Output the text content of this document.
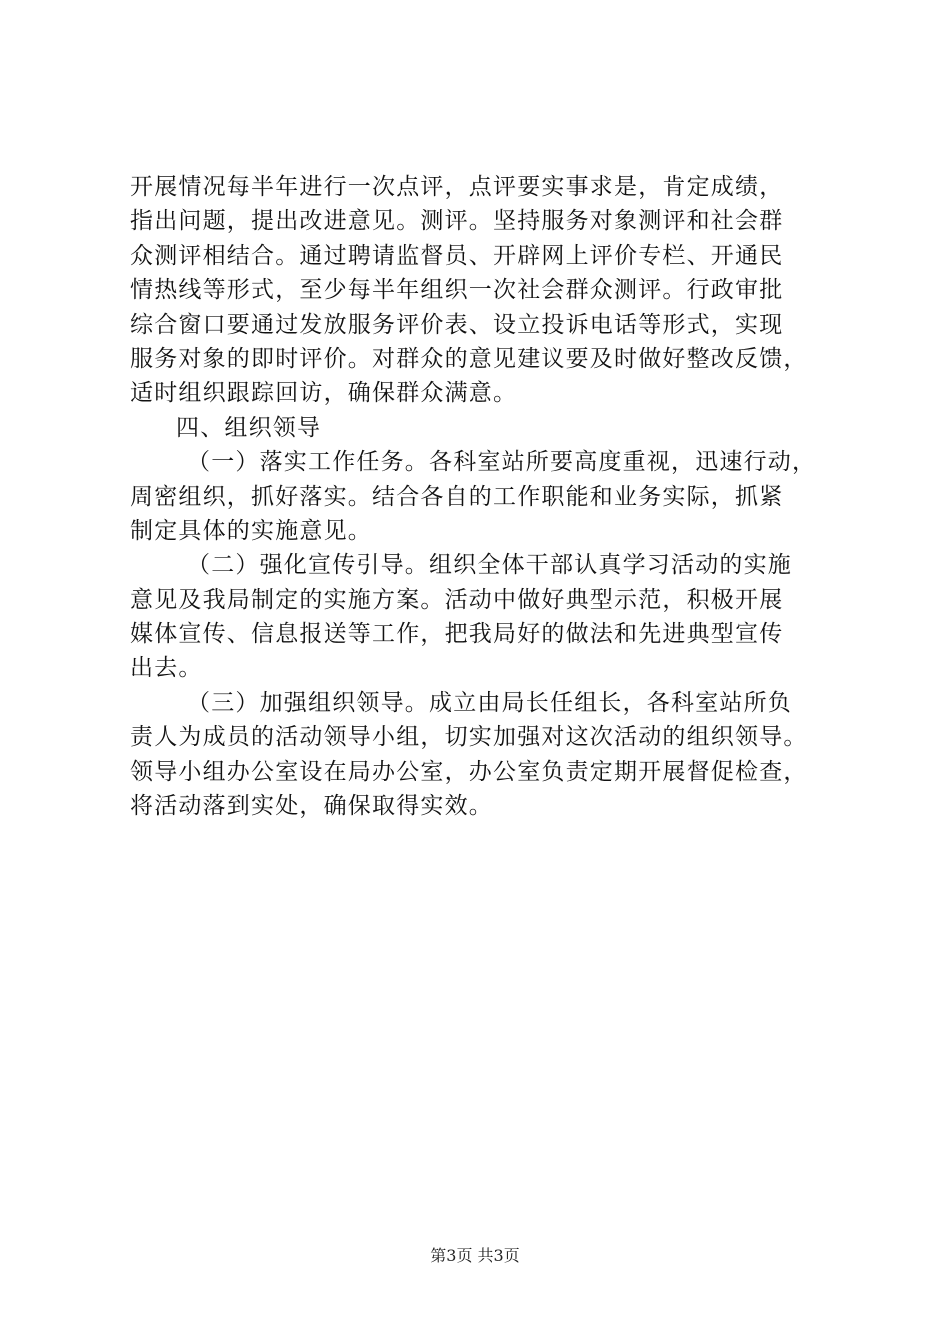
开展情况每半年进行一次点评，点评要实事求是，肯定成绩，
指出问题，提出改进意见。测评。坚持服务对象测评和社会群
众测评相结合。通过聘请监督员、开辟网上评价专栏、开通民
情热线等形式，至少每半年组织一次社会群众测评。行政审批
综合窗口要通过发放服务评价表、设立投诉电话等形式，实现
服务对象的即时评价。对群众的意见建议要及时做好整改反馈，
适时组织跟踪回访，确保群众满意。
四、组织领导
（一）落实工作任务。各科室站所要高度重视，迅速行动，
周密组织，抓好落实。结合各自的工作职能和业务实际，抓紧
制定具体的实施意见。
（二）强化宣传引导。组织全体干部认真学习活动的实施
意见及我局制定的实施方案。活动中做好典型示范，积极开展
媒体宣传、信息报送等工作，把我局好的做法和先进典型宣传
出去。
（三）加强组织领导。成立由局长任组长，各科室站所负
责人为成员的活动领导小组，切实加强对这次活动的组织领导。
领导小组办公室设在局办公室，办公室负责定期开展督促检查，
将活动落到实处，确保取得实效。
第3页 共3页
